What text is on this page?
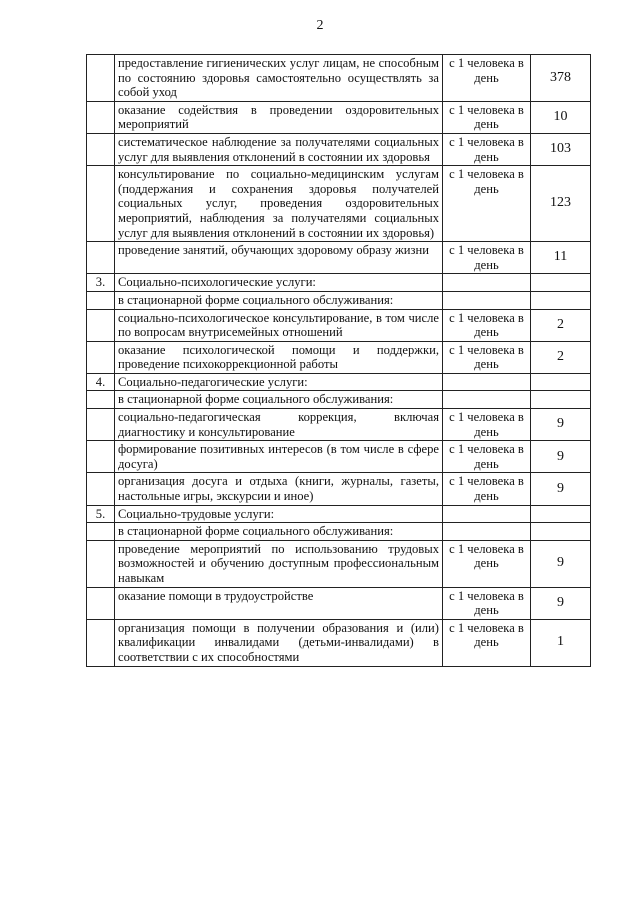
2
	предоставление гигиенических услуг лицам, не способным по состоянию здоровья самостоятельно осуществлять за собой уход	с 1 человека в день	378
	оказание содействия в проведении оздоровительных мероприятий	с 1 человека в день	10
	систематическое наблюдение за получателями социальных услуг для выявления отклонений в состоянии их здоровья	с 1 человека в день	103
	консультирование по социально-медицинским услугам (поддержания и сохранения здоровья получателей социальных услуг, проведения оздоровительных мероприятий, наблюдения за получателями социальных услуг для выявления отклонений в состоянии их здоровья)	с 1 человека в день	123
	проведение занятий, обучающих здоровому образу жизни	с 1 человека в день	11
3.	Социально-психологические услуги:		
	в стационарной форме социального обслуживания:		
	социально-психологическое консультирование, в том числе по вопросам внутрисемейных отношений	с 1 человека в день	2
	оказание психологической помощи и поддержки, проведение психокоррекционной работы	с 1 человека в день	2
4.	Социально-педагогические услуги:		
	в стационарной форме социального обслуживания:		
	социально-педагогическая коррекция, включая диагностику и консультирование	с 1 человека в день	9
	формирование позитивных интересов (в том числе в сфере досуга)	с 1 человека в день	9
	организация досуга и отдыха (книги, журналы, газеты, настольные игры, экскурсии и иное)	с 1 человека в день	9
5.	Социально-трудовые услуги:		
	в стационарной форме социального обслуживания:		
	проведение мероприятий по использованию трудовых возможностей и обучению доступным профессиональным навыкам	с 1 человека в день	9
	оказание помощи в трудоустройстве	с 1 человека в день	9
	организация помощи в получении образования и (или) квалификации инвалидами (детьми-инвалидами) в соответствии с их способностями	с 1 человека в день	1
